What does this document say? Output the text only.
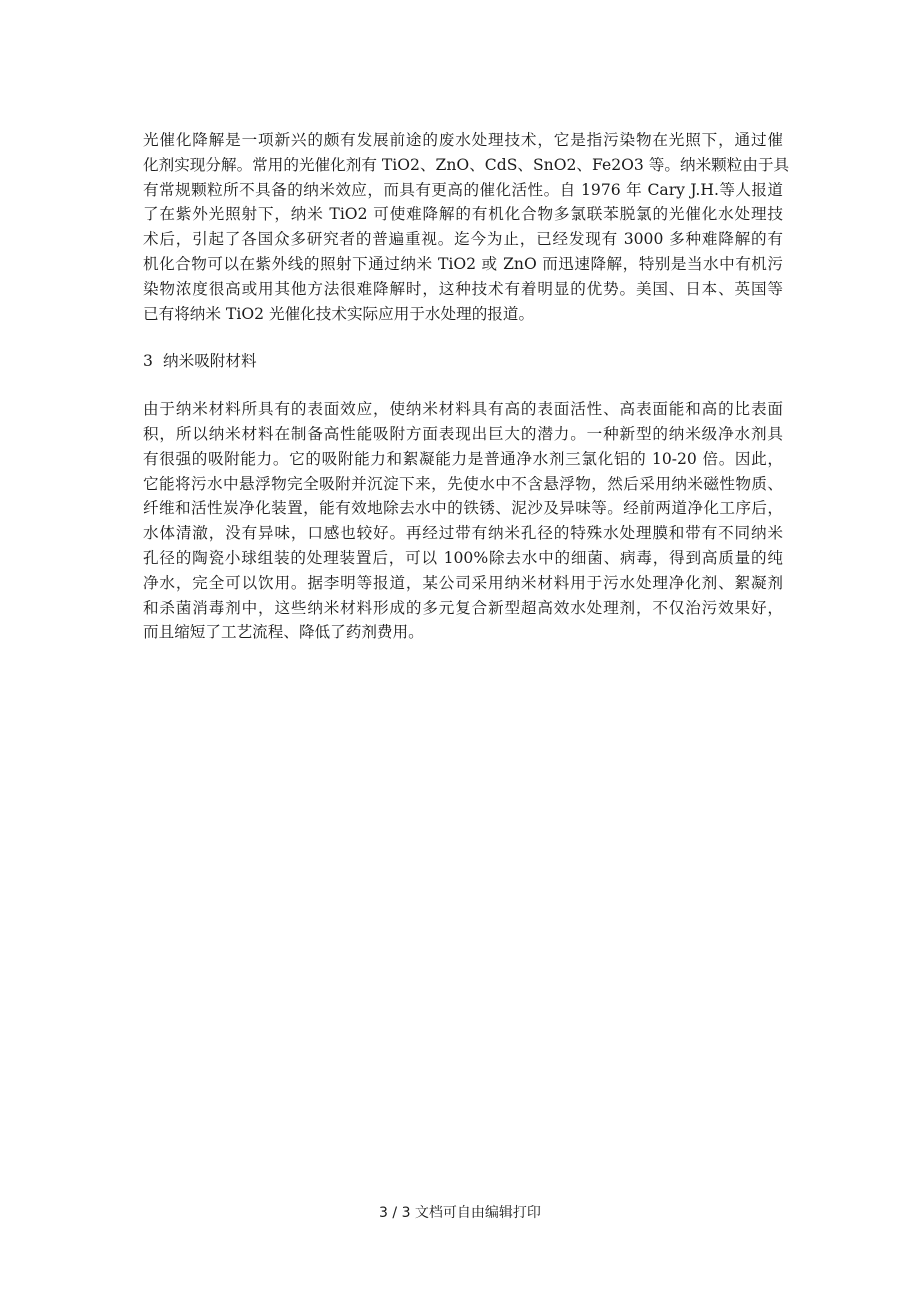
光催化降解是一项新兴的颇有发展前途的废水处理技术，它是指污染物在光照下，通过催
化剂实现分解。常用的光催化剂有 TiO2、ZnO、CdS、SnO2、Fe2O3 等。纳米颗粒由于具
有常规颗粒所不具备的纳米效应，而具有更高的催化活性。自 1976 年 Cary J.H.等人报道
了在紫外光照射下，纳米 TiO2 可使难降解的有机化合物多氯联苯脱氯的光催化水处理技
术后，引起了各国众多研究者的普遍重视。迄今为止，已经发现有 3000 多种难降解的有
机化合物可以在紫外线的照射下通过纳米 TiO2 或 ZnO 而迅速降解，特别是当水中有机污
染物浓度很高或用其他方法很难降解时，这种技术有着明显的优势。美国、日本、英国等
已有将纳米 TiO2 光催化技术实际应用于水处理的报道。
3 纳米吸附材料
由于纳米材料所具有的表面效应，使纳米材料具有高的表面活性、高表面能和高的比表面
积，所以纳米材料在制备高性能吸附方面表现出巨大的潜力。一种新型的纳米级净水剂具
有很强的吸附能力。它的吸附能力和絮凝能力是普通净水剂三氯化铝的 10-20 倍。因此，
它能将污水中悬浮物完全吸附并沉淀下来，先使水中不含悬浮物，然后采用纳米磁性物质、
纤维和活性炭净化装置，能有效地除去水中的铁锈、泥沙及异味等。经前两道净化工序后，
水体清澈，没有异味，口感也较好。再经过带有纳米孔径的特殊水处理膜和带有不同纳米
孔径的陶瓷小球组装的处理装置后，可以 100%除去水中的细菌、病毒，得到高质量的纯
净水，完全可以饮用。据李明等报道，某公司采用纳米材料用于污水处理净化剂、絮凝剂
和杀菌消毒剂中，这些纳米材料形成的多元复合新型超高效水处理剂，不仅治污效果好，
而且缩短了工艺流程、降低了药剂费用。
3 / 3 文档可自由编辑打印
